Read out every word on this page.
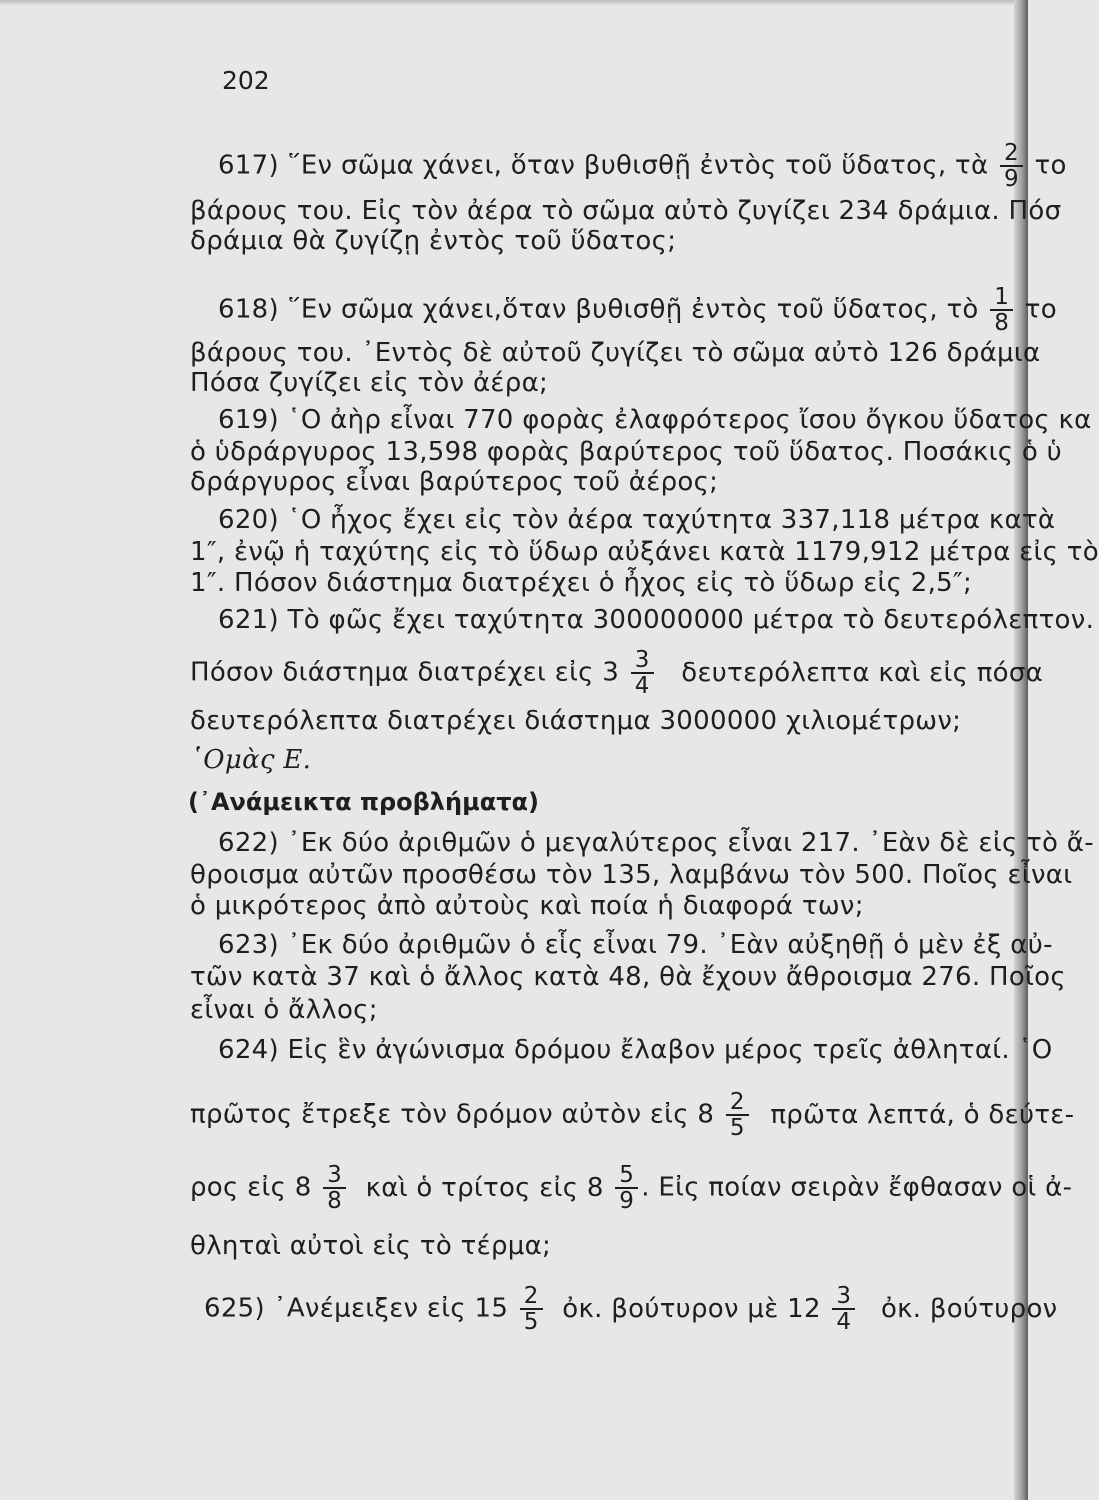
202
617) ῞Εν σῶμα χάνει, ὅταν βυθισθῇ ἐντὸς τοῦ ὕδατος, τὰ $\frac{2}{9}$ το
βάρους του. Εἰς τὸν ἀέρα τὸ σῶμα αὐτὸ ζυγίζει 234 δράμια. Πόσ
δράμια θὰ ζυγίζῃ ἐντὸς τοῦ ὕδατος;
618) ῞Εν σῶμα χάνει,ὅταν βυθισθῇ ἐντὸς τοῦ ὕδατος, τὸ $\frac{1}{8}$ το
βάρους του. ᾿Εντὸς δὲ αὐτοῦ ζυγίζει τὸ σῶμα αὐτὸ 126 δράμια
Πόσα ζυγίζει εἰς τὸν ἀέρα;
619) ῾Ο ἀὴρ εἶναι 770 φορὰς ἐλαφρότερος ἴσου ὄγκου ὕδατος κα
ὁ ὑδράργυρος 13,598 φορὰς βαρύτερος τοῦ ὕδατος. Ποσάκις ὁ ὑ
δράργυρος εἶναι βαρύτερος τοῦ ἀέρος;
620) ῾Ο ἦχος ἔχει εἰς τὸν ἀέρα ταχύτητα 337,118 μέτρα κατὰ
1″, ἐνῷ ἡ ταχύτης εἰς τὸ ὕδωρ αὐξάνει κατὰ 1179,912 μέτρα εἰς τὸ
1″. Πόσον διάστημα διατρέχει ὁ ἦχος εἰς τὸ ὕδωρ εἰς 2,5″;
621) Τὸ φῶς ἔχει ταχύτητα 300000000 μέτρα τὸ δευτερόλεπτον.
Πόσον διάστημα διατρέχει εἰς $3 \frac{3}{4}$ δευτερόλεπτα καὶ εἰς πόσα
δευτερόλεπτα διατρέχει διάστημα 3000000 χιλιομέτρων;
῾Ομὰς Ε.
(᾿Ανάμεικτα προβλήματα)
622) ᾿Εκ δύο ἀριθμῶν ὁ μεγαλύτερος εἶναι 217. ᾿Εὰν δὲ εἰς τὸ ἄ-
θροισμα αὐτῶν προσθέσω τὸν 135, λαμβάνω τὸν 500. Ποῖος εἶναι
ὁ μικρότερος ἀπὸ αὐτοὺς καὶ ποία ἡ διαφορά των;
623) ᾿Εκ δύο ἀριθμῶν ὁ εἷς εἶναι 79. ᾿Εὰν αὐξηθῇ ὁ μὲν ἐξ αὐ-
τῶν κατὰ 37 καὶ ὁ ἄλλος κατὰ 48, θὰ ἔχουν ἄθροισμα 276. Ποῖος
εἶναι ὁ ἄλλος;
624) Εἰς ἓν ἀγώνισμα δρόμου ἔλαβον μέρος τρεῖς ἀθληταί. ῾Ο
πρῶτος ἔτρεξε τὸν δρόμον αὐτὸν εἰς $8 \frac{2}{5}$ πρῶτα λεπτά, ὁ δεύτε-
ρος εἰς $8 \frac{3}{8}$ καὶ ὁ τρίτος εἰς $8 \frac{5}{9}$ . Εἰς ποίαν σειρὰν ἔφθασαν οἱ ἀ-
θληταὶ αὐτοὶ εἰς τὸ τέρμα;
625) ᾿Ανέμειξεν εἰς $15 \frac{2}{5}$ ὀκ. βούτυρον μὲ $12 \frac{3}{4}$ ὀκ. βούτυρον
